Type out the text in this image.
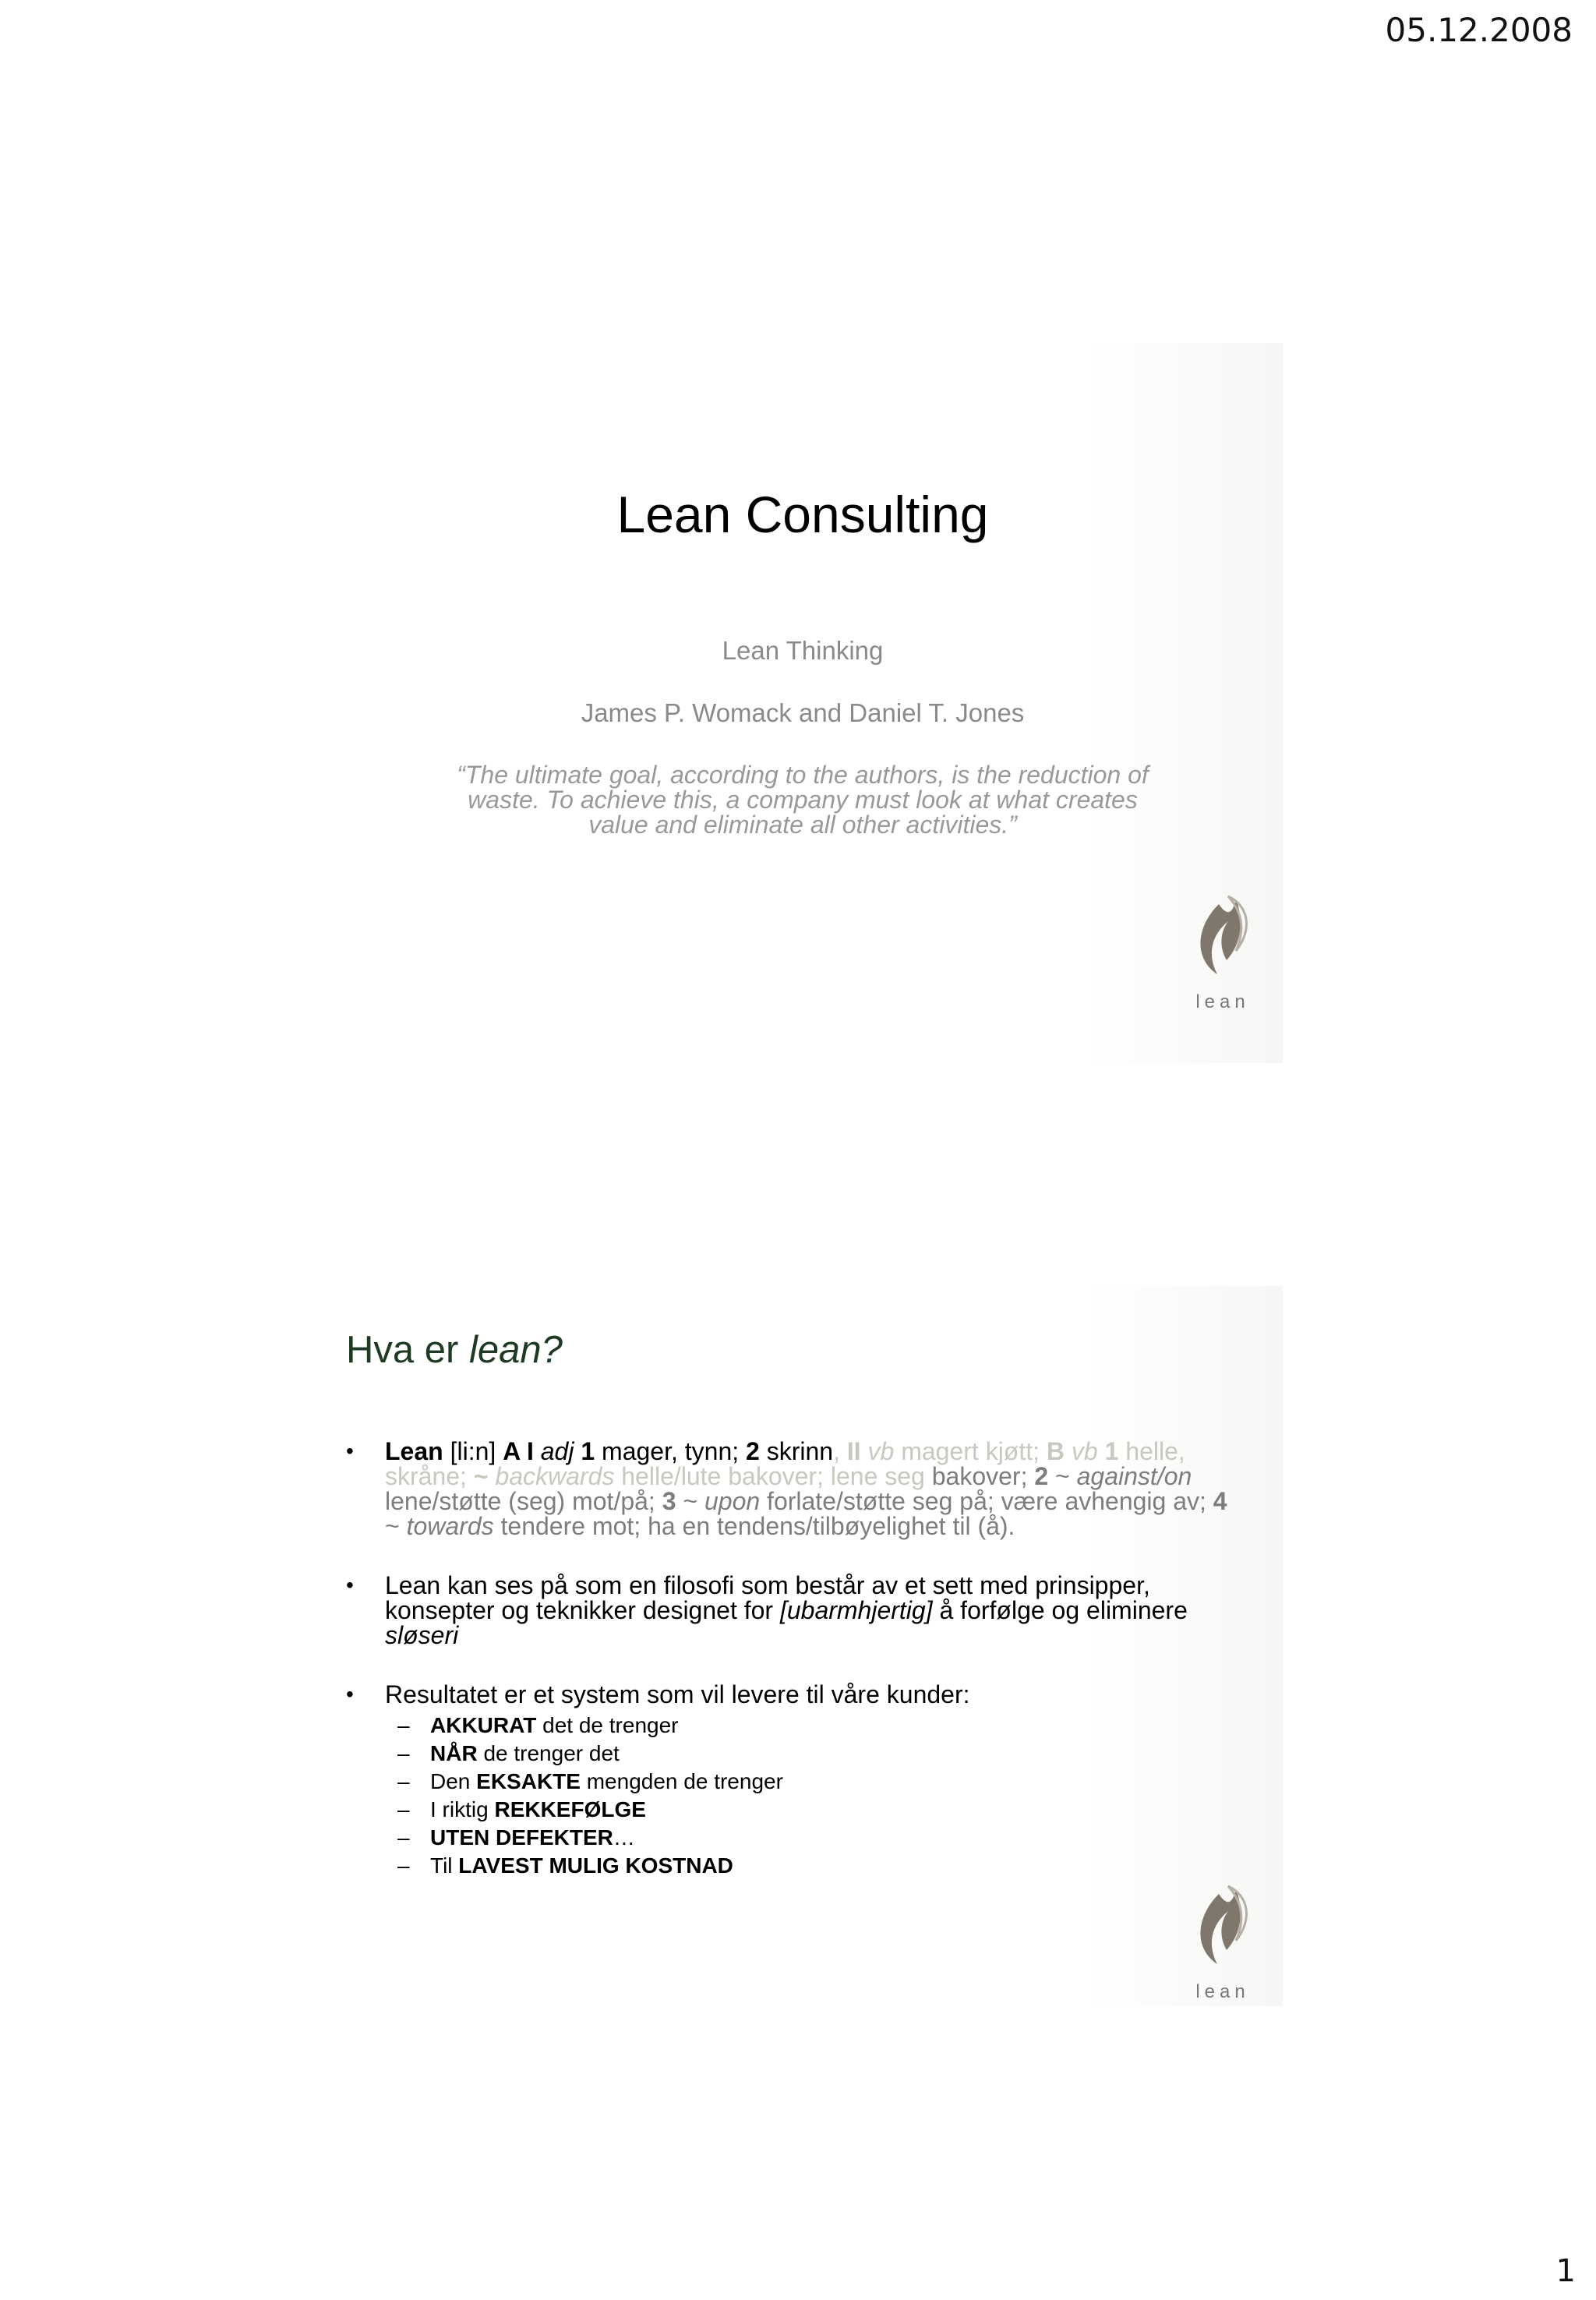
05.12.2008
Lean Consulting
Lean Thinking
James P. Womack and Daniel T. Jones
“The ultimate goal, according to the authors, is the reduction of waste. To achieve this, a company must look at what creates value and eliminate all other activities.”
lean
Hva er lean?
• Lean [li:n] A I adj 1 mager, tynn; 2 skrinn, II vb magert kjøtt; B vb 1 helle, skråne; ~ backwards helle/lute bakover; lene seg bakover; 2 ~ against/on lene/støtte (seg) mot/på; 3 ~ upon forlate/støtte seg på; være avhengig av; 4 ~ towards tendere mot; ha en tendens/tilbøyelighet til (å).
• Lean kan ses på som en filosofi som består av et sett med prinsipper, konsepter og teknikker designet for [ubarmhjertig] å forfølge og eliminere sløseri
• Resultatet er et system som vil levere til våre kunder:
– AKKURAT det de trenger
– NÅR de trenger det
– Den EKSAKTE mengden de trenger
– I riktig REKKEFØLGE
– UTEN DEFEKTER…
– Til LAVEST MULIG KOSTNAD
lean
1
